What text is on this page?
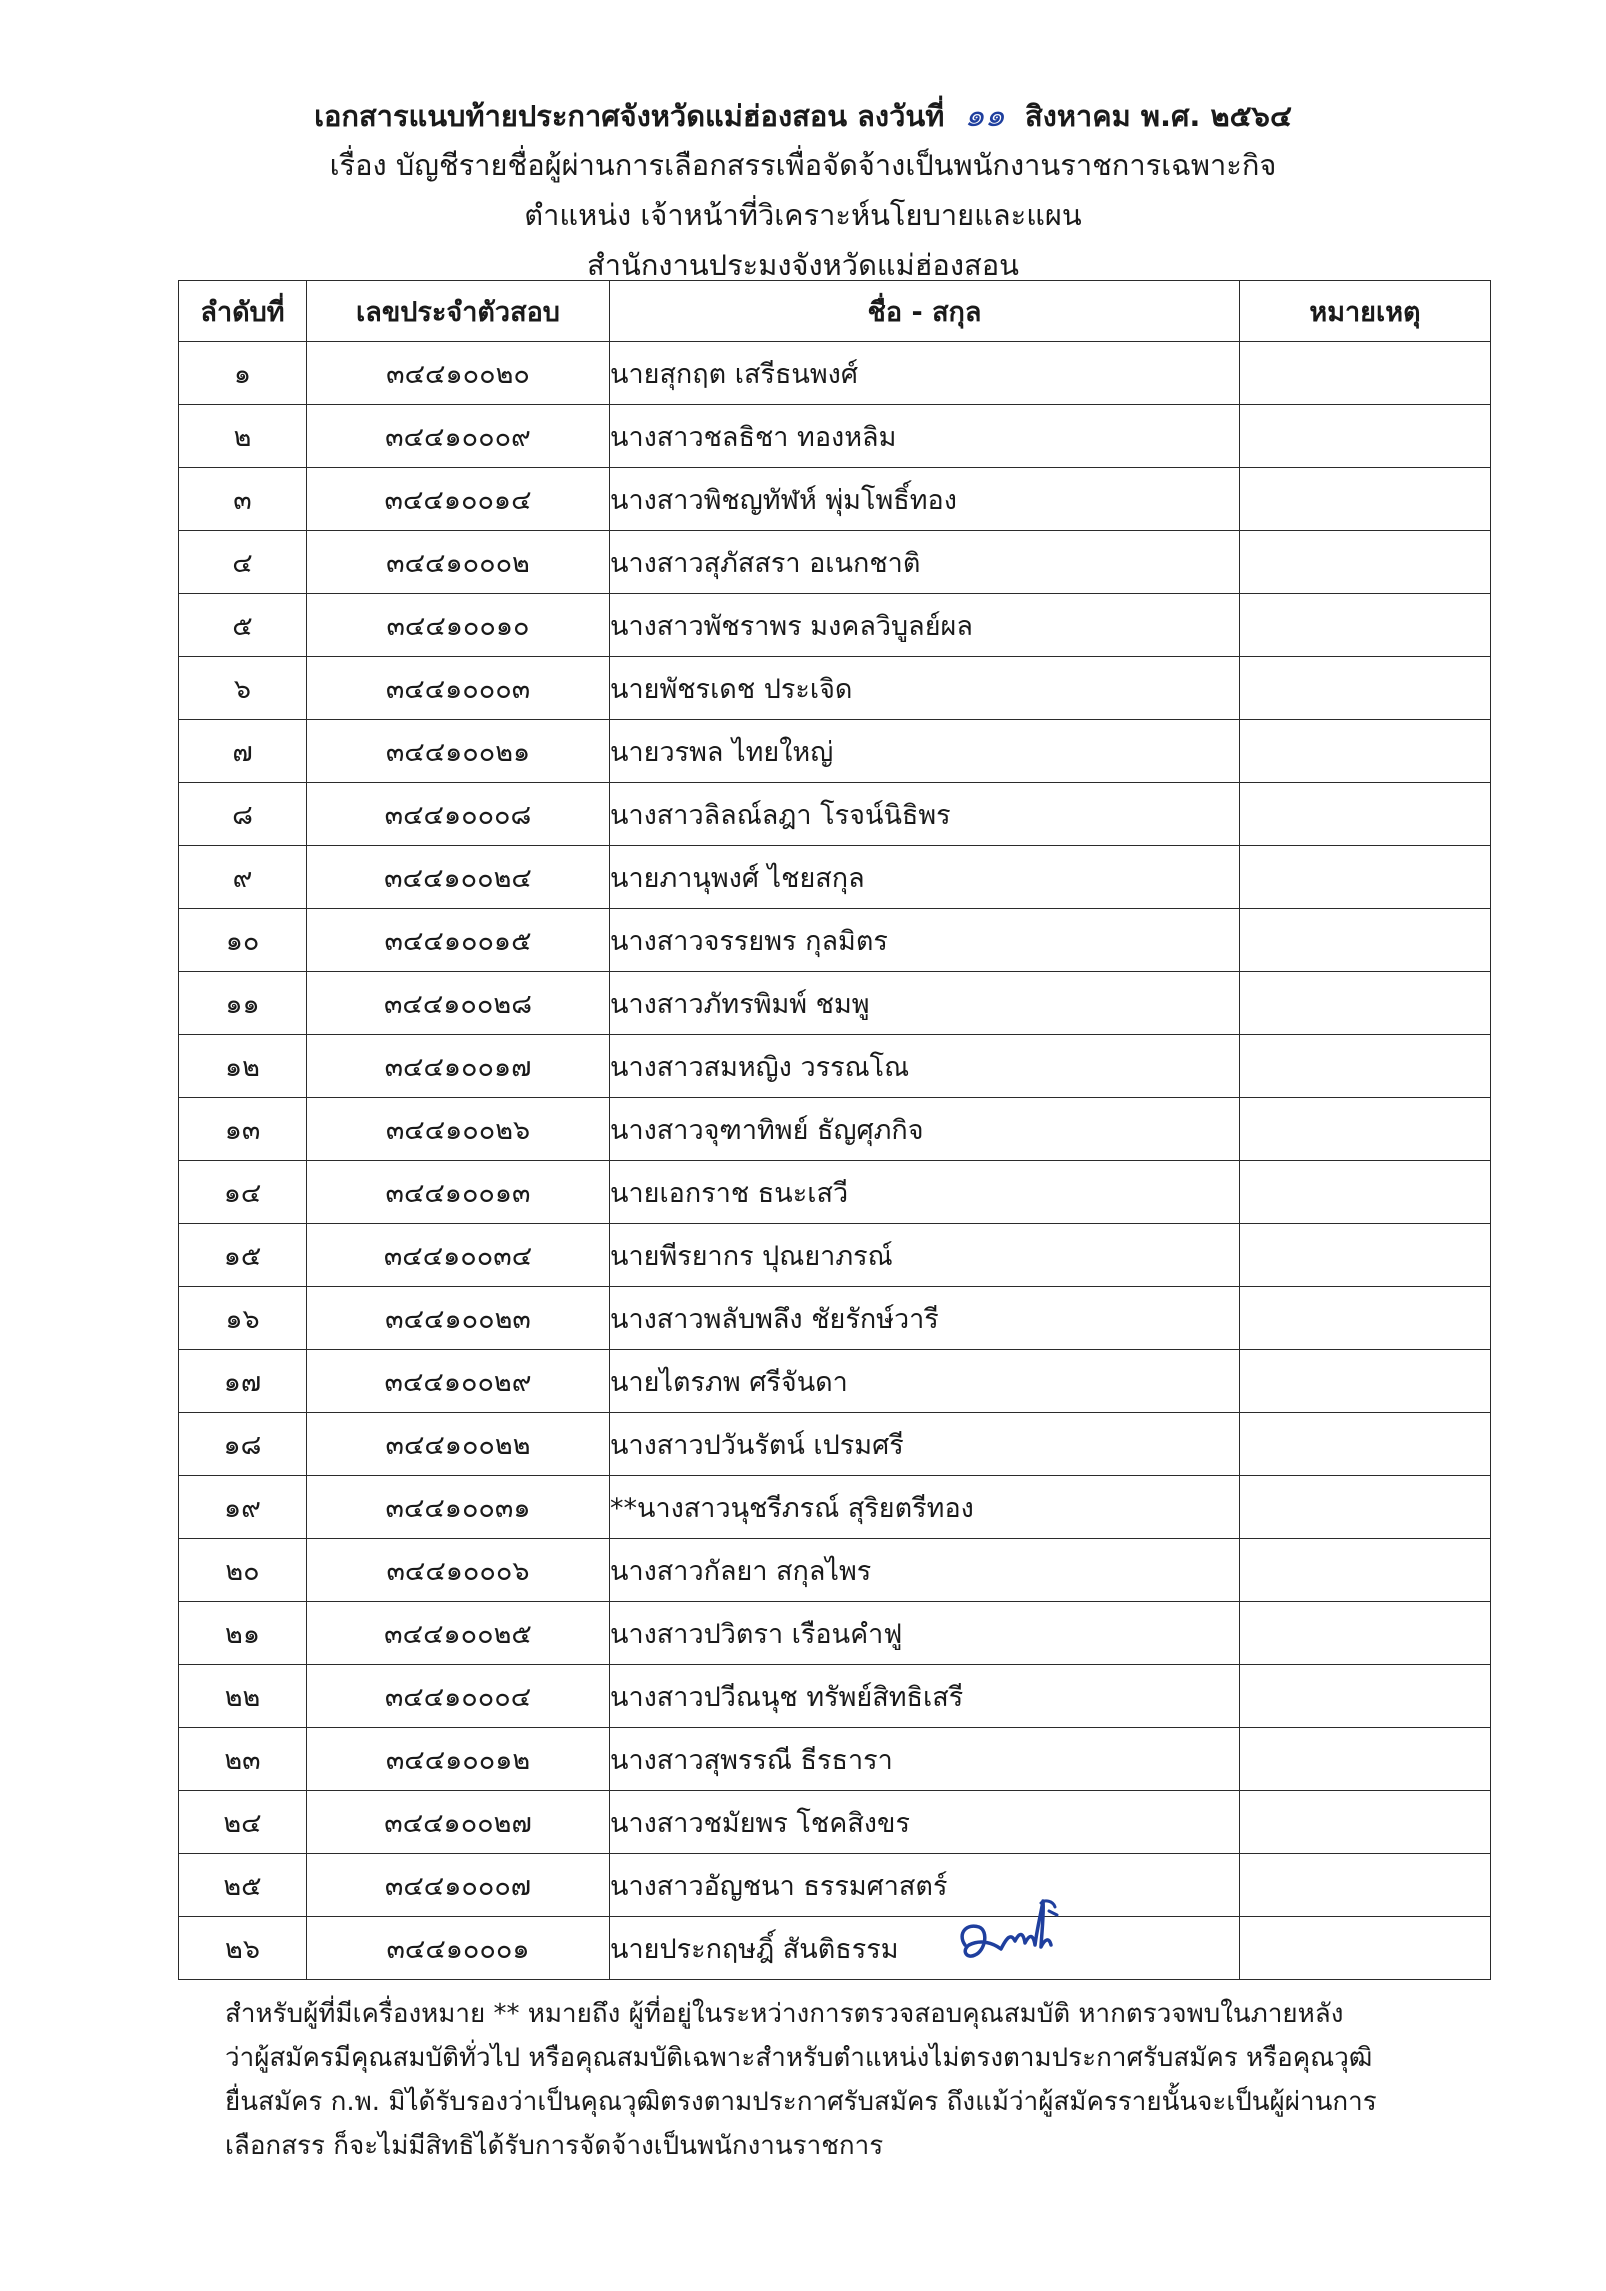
เอกสารแนบท้ายประกาศจังหวัดแม่ฮ่องสอน ลงวันที่ ๑๑ สิงหาคม พ.ศ. ๒๕๖๔
เรื่อง บัญชีรายชื่อผู้ผ่านการเลือกสรรเพื่อจัดจ้างเป็นพนักงานราชการเฉพาะกิจ
ตำแหน่ง เจ้าหน้าที่วิเคราะห์นโยบายและแผน
สำนักงานประมงจังหวัดแม่ฮ่องสอน
ลำดับที่	เลขประจำตัวสอบ	ชื่อ - สกุล	หมายเหตุ
๑	๓๔๔๑๐๐๒๐	นายสุกฤต เสรีธนพงศ์	
๒	๓๔๔๑๐๐๐๙	นางสาวชลธิชา ทองหลิม	
๓	๓๔๔๑๐๐๑๔	นางสาวพิชญทัฬห์ พุ่มโพธิ์ทอง	
๔	๓๔๔๑๐๐๐๒	นางสาวสุภัสสรา อเนกชาติ	
๕	๓๔๔๑๐๐๑๐	นางสาวพัชราพร มงคลวิบูลย์ผล	
๖	๓๔๔๑๐๐๐๓	นายพัชรเดช ประเจิด	
๗	๓๔๔๑๐๐๒๑	นายวรพล ไทยใหญ่	
๘	๓๔๔๑๐๐๐๘	นางสาวลิลณ์ลฎา โรจน์นิธิพร	
๙	๓๔๔๑๐๐๒๔	นายภานุพงศ์ ไชยสกุล	
๑๐	๓๔๔๑๐๐๑๕	นางสาวจรรยพร กุลมิตร	
๑๑	๓๔๔๑๐๐๒๘	นางสาวภัทรพิมพ์ ชมพู	
๑๒	๓๔๔๑๐๐๑๗	นางสาวสมหญิง วรรณโณ	
๑๓	๓๔๔๑๐๐๒๖	นางสาวจุฑาทิพย์ ธัญศุภกิจ	
๑๔	๓๔๔๑๐๐๑๓	นายเอกราช ธนะเสวี	
๑๕	๓๔๔๑๐๐๓๔	นายพีรยากร ปุณยาภรณ์	
๑๖	๓๔๔๑๐๐๒๓	นางสาวพลับพลึง ชัยรักษ์วารี	
๑๗	๓๔๔๑๐๐๒๙	นายไตรภพ ศรีจันดา	
๑๘	๓๔๔๑๐๐๒๒	นางสาวปวันรัตน์ เปรมศรี	
๑๙	๓๔๔๑๐๐๓๑	**นางสาวนุชรีภรณ์ สุริยตรีทอง	
๒๐	๓๔๔๑๐๐๐๖	นางสาวกัลยา สกุลไพร	
๒๑	๓๔๔๑๐๐๒๕	นางสาวปวิตรา เรือนคำฟู	
๒๒	๓๔๔๑๐๐๐๔	นางสาวปวีณนุช ทรัพย์สิทธิเสรี	
๒๓	๓๔๔๑๐๐๑๒	นางสาวสุพรรณี ธีรธารา	
๒๔	๓๔๔๑๐๐๒๗	นางสาวชมัยพร โชคสิงขร	
๒๕	๓๔๔๑๐๐๐๗	นางสาวอัญชนา ธรรมศาสตร์	
๒๖	๓๔๔๑๐๐๐๑	นายประกฤษฎิ์ สันติธรรม	

สำหรับผู้ที่มีเครื่องหมาย ** หมายถึง ผู้ที่อยู่ในระหว่างการตรวจสอบคุณสมบัติ หากตรวจพบในภายหลัง

ว่าผู้สมัครมีคุณสมบัติทั่วไป หรือคุณสมบัติเฉพาะสำหรับตำแหน่งไม่ตรงตามประกาศรับสมัคร หรือคุณวุฒิ

ยื่นสมัคร ก.พ. มิได้รับรองว่าเป็นคุณวุฒิตรงตามประกาศรับสมัคร ถึงแม้ว่าผู้สมัครรายนั้นจะเป็นผู้ผ่านการ

เลือกสรร ก็จะไม่มีสิทธิได้รับการจัดจ้างเป็นพนักงานราชการ
